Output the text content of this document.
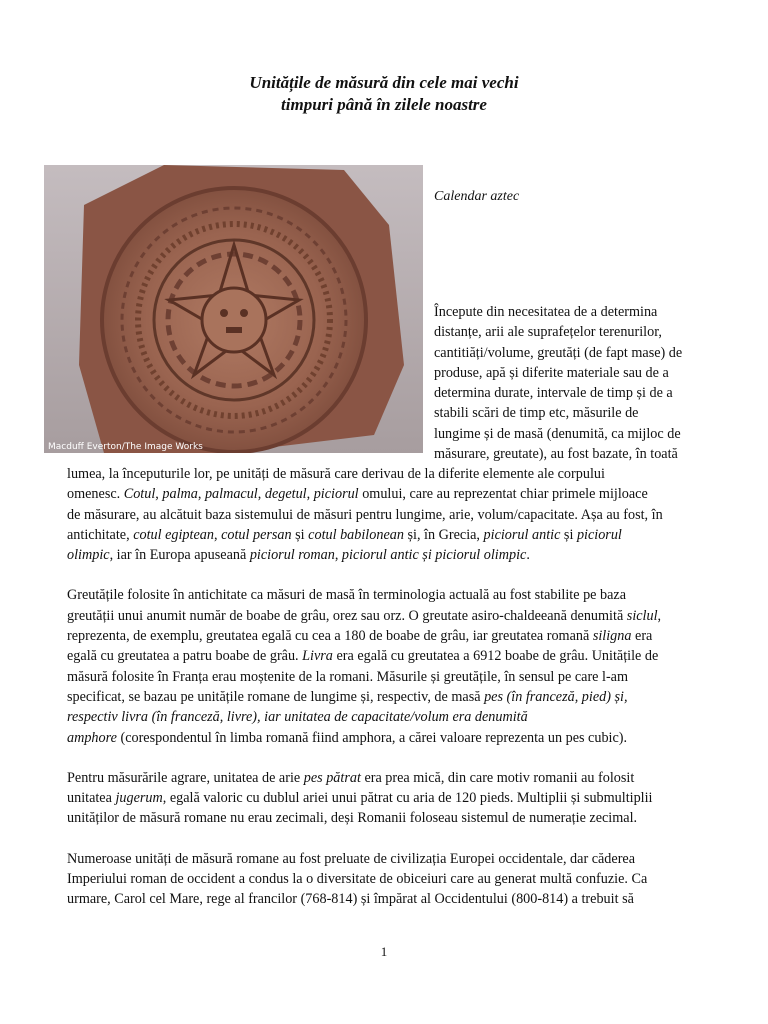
Unitățile de măsură din cele mai vechi
timpuri până în zilele noastre
Macduff Everton/The Image Works
Calendar aztec
Începute din necesitatea de a determina
distanțe, arii ale suprafețelor terenurilor,
cantitiăți/volume, greutăți (de fapt mase) de
produse, apă și diferite materiale sau de a
determina durate, intervale de timp și de a
stabili scări de timp etc, măsurile de
lungime și de masă (denumită, ca mijloc de
măsurare, greutate), au fost bazate, în toată
lumea, la începuturile lor, pe unități de măsură care derivau de la diferite elemente ale corpului
omenesc. Cotul, palma, palmacul, degetul, piciorul omului, care au reprezentat chiar primele mijloace
de măsurare, au alcătuit baza sistemului de măsuri pentru lungime, arie, volum/capacitate. Așa au fost, în
antichitate, cotul egiptean, cotul persan și cotul babilonean și, în Grecia, piciorul antic și piciorul
olimpic, iar în Europa apuseană piciorul roman, piciorul antic și piciorul olimpic.
Greutățile folosite în antichitate ca măsuri de masă în terminologia actuală au fost stabilite pe baza
greutății unui anumit număr de boabe de grâu, orez sau orz. O greutate asiro-chaldeeană denumită siclul,
reprezenta, de exemplu, greutatea egală cu cea a 180 de boabe de grâu, iar greutatea romană siligna era
egală cu greutatea a patru boabe de grâu. Livra era egală cu greutatea a 6912 boabe de grâu. Unitățile de
măsură folosite în Franța erau moștenite de la romani. Măsurile și greutățile, în sensul pe care l-am
specificat, se bazau pe unitățile romane de lungime și, respectiv, de masă pes (în franceză, pied) și,
respectiv livra (în franceză, livre), iar unitatea de capacitate/volum era denumită
amphore (corespondentul în limba romană fiind amphora, a cărei valoare reprezenta un pes cubic).
Pentru măsurările agrare, unitatea de arie pes pătrat era prea mică, din care motiv romanii au folosit
unitatea jugerum, egală valoric cu dublul ariei unui pătrat cu aria de 120 pieds. Multiplii și submultiplii
unităților de măsură romane nu erau zecimali, deși Romanii foloseau sistemul de numerație zecimal.
Numeroase unități de măsură romane au fost preluate de civilizația Europei occidentale, dar căderea
Imperiului roman de occident a condus la o diversitate de obiceiuri care au generat multă confuzie. Ca
urmare, Carol cel Mare, rege al francilor (768-814) și împărat al Occidentului (800-814) a trebuit să
1
